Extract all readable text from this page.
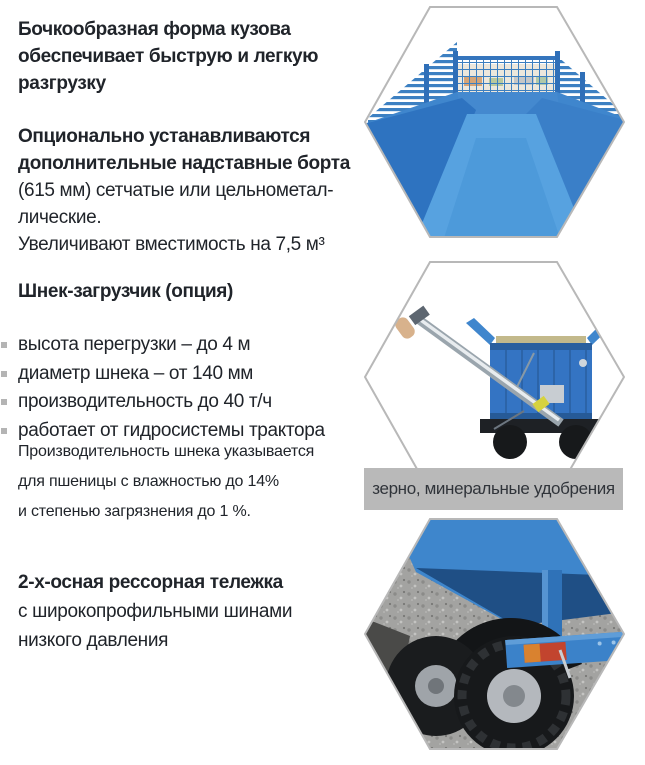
Бочкообразная форма кузова
обеспечивает быструю и легкую
разгрузку
Опционально устанавливаются
дополнительные надставные борта
(615 мм) сетчатые или цельнометал-
лические.
Увеличивают вместимость на 7,5 м³
Шнек-загрузчик (опция)
высота перегрузки – до 4 м
диаметр шнека – от 140 мм
производительность до 40 т/ч
работает от гидросистемы трактора
Производительность шнека указывается
для пшеницы с влажностью до 14%
и степенью загрязнения до 1 %.
2-х-осная рессорная тележка
с широкопрофильными шинами
низкого давления
зерно, минеральные удобрения
